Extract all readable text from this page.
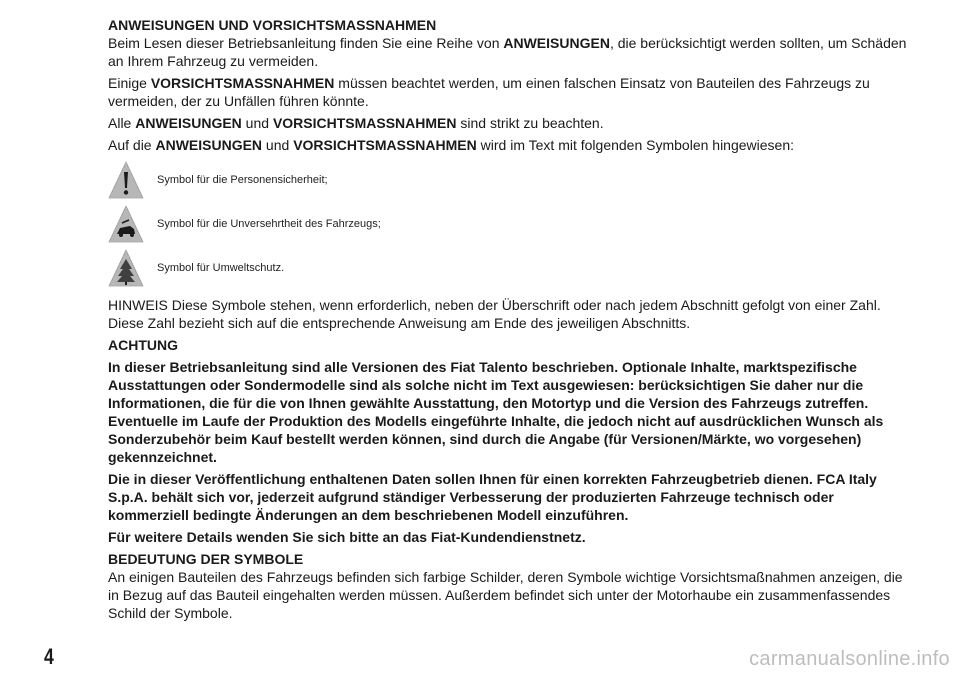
ANWEISUNGEN UND VORSICHTSMASSNAHMEN

Beim Lesen dieser Betriebsanleitung finden Sie eine Reihe von ANWEISUNGEN, die berücksichtigt werden sollten, um Schäden an Ihrem Fahrzeug zu vermeiden.

Einige VORSICHTSMASSNAHMEN müssen beachtet werden, um einen falschen Einsatz von Bauteilen des Fahrzeugs zu vermeiden, der zu Unfällen führen könnte.

Alle ANWEISUNGEN und VORSICHTSMASSNAHMEN sind strikt zu beachten.

Auf die ANWEISUNGEN und VORSICHTSMASSNAHMEN wird im Text mit folgenden Symbolen hingewiesen:

Symbol für die Personensicherheit;
Symbol für die Unversehrtheit des Fahrzeugs;
Symbol für Umweltschutz.

HINWEIS Diese Symbole stehen, wenn erforderlich, neben der Überschrift oder nach jedem Abschnitt gefolgt von einer Zahl. Diese Zahl bezieht sich auf die entsprechende Anweisung am Ende des jeweiligen Abschnitts.

ACHTUNG

In dieser Betriebsanleitung sind alle Versionen des Fiat Talento beschrieben. Optionale Inhalte, marktspezifische Ausstattungen oder Sondermodelle sind als solche nicht im Text ausgewiesen: berücksichtigen Sie daher nur die Informationen, die für die von Ihnen gewählte Ausstattung, den Motortyp und die Version des Fahrzeugs zutreffen. Eventuelle im Laufe der Produktion des Modells eingeführte Inhalte, die jedoch nicht auf ausdrücklichen Wunsch als Sonderzubehör beim Kauf bestellt werden können, sind durch die Angabe (für Versionen/Märkte, wo vorgesehen) gekennzeichnet.

Die in dieser Veröffentlichung enthaltenen Daten sollen Ihnen für einen korrekten Fahrzeugbetrieb dienen. FCA Italy S.p.A. behält sich vor, jederzeit aufgrund ständiger Verbesserung der produzierten Fahrzeuge technisch oder kommerziell bedingte Änderungen an dem beschriebenen Modell einzuführen.

Für weitere Details wenden Sie sich bitte an das Fiat-Kundendienstnetz.

BEDEUTUNG DER SYMBOLE

An einigen Bauteilen des Fahrzeugs befinden sich farbige Schilder, deren Symbole wichtige Vorsichtsmaßnahmen anzeigen, die in Bezug auf das Bauteil eingehalten werden müssen. Außerdem befindet sich unter der Motorhaube ein zusammenfassendes Schild der Symbole.

4	carmanualsonline.info
